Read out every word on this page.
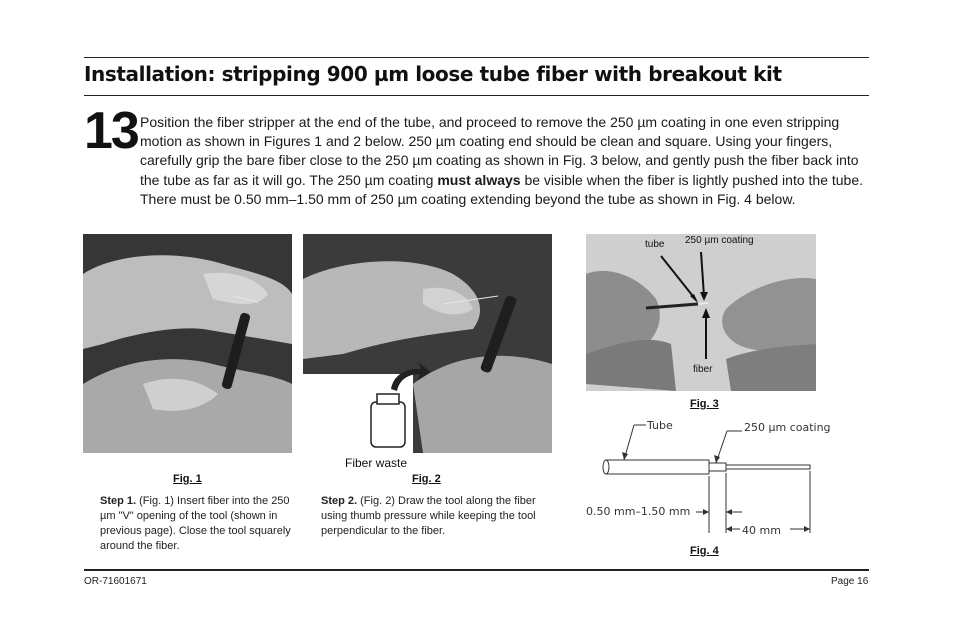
Installation: stripping 900 µm loose tube fiber with breakout kit
13 Position the fiber stripper at the end of the tube, and proceed to remove the 250 µm coating in one even stripping motion as shown in Figures 1 and 2 below. 250 µm coating end should be clean and square. Using your fingers, carefully grip the bare fiber close to the 250 µm coating as shown in Fig. 3 below, and gently push the fiber back into the tube as far as it will go. The 250 µm coating must always be visible when the fiber is lightly pushed into the tube. There must be 0.50 mm–1.50 mm of 250 µm coating extending beyond the tube as shown in Fig. 4 below.
Fig. 1
Fiber waste
Fig. 2
Step 1. (Fig. 1) Insert fiber into the 250 µm "V" opening of the tool (shown in previous page). Close the tool squarely around the fiber.
Step 2. (Fig. 2) Draw the tool along the fiber using thumb pressure while keeping the tool perpendicular to the fiber.
tube 250 µm coating
fiber
Fig. 3
Tube	250 µm coating
0.50 mm–1.50 mm
40 mm
Fig. 4
OR-71601671	Page 16
